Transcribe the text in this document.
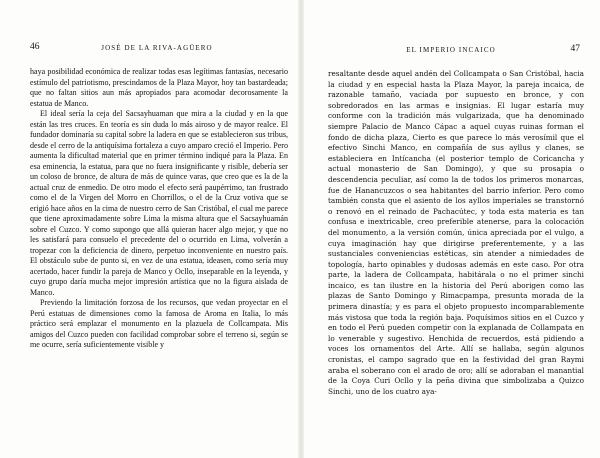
46	JOSÉ DE LA RIVA-AGÜERO

haya posibilidad económica de realizar todas esas legítimas fantasías, necesario estímulo del patriotismo, prescindamos de la Plaza Mayor, hoy tan bastardeada; que no faltan sitios aun más apropiados para acomodar decorosamente la estatua de Manco.

El ideal sería la ceja del Sacsayhuaman que mira a la ciudad y en la que están las tres cruces. En teoría es sin duda lo más airoso y de mayor realce. El fundador dominaría su capital sobre la ladera en que se establecieron sus tribus, desde el cerro de la antiquísima fortaleza a cuyo amparo creció el Imperio. Pero aumenta la dificultad material que en primer término indiqué para la Plaza. En esa eminencia, la estatua, para que no fuera insignificante y risible, debería ser un coloso de bronce, de altura de más de quince varas, que creo que es la de la actual cruz de enmedio. De otro modo el efecto será paupérrimo, tan frustrado como el de la Virgen del Morro en Chorrillos, o el de la Cruz votiva que se erigió hace años en la cima de nuestro cerro de San Cristóbal, el cual me parece que tiene aproximadamente sobre Lima la misma altura que el Sacsayhuamán sobre el Cuzco. Y como supongo que allá quieran hacer algo mejor, y que no les satisfará para consuelo el precedente del o ocurrido en Lima, volverán a tropezar con la deficiencia de dinero, perpetuo inconveniente en nuestro país. El obstáculo sube de punto si, en vez de una estatua, ideasen, como sería muy acertado, hacer fundir la pareja de Manco y Ocllo, inseparable en la leyenda, y cuyo grupo daría mucha mejor impresión artística que no la figura aislada de Manco.

Previendo la limitación forzosa de los recursos, que vedan proyectar en el Perú estatuas de dimensiones como la famosa de Aroma en Italia, lo más práctico será emplazar el monumento en la plazuela de Collcampata. Mis amigos del Cuzco pueden con facilidad comprobar sobre el terreno si, según se me ocurre, sería suficientemente visible y

EL IMPERIO INCAICO	47

resaltante desde aquel andén del Collcampata o San Cristóbal, hacia la ciudad y en especial hasta la Plaza Mayor, la pareja incaica, de razonable tamaño, vaciada por supuesto en bronce, y con sobredorados en las armas e insignias. El lugar estaría muy conforme con la tradición más vulgarizada, que ha denominado siempre Palacio de Manco Cápac a aquel cuyas ruinas forman el fondo de dicha plaza, Cierto es que parece lo más verosímil que el efectivo Sinchi Manco, en compañía de sus ayllus y clanes, se estableciera en Intícancha (el posterior templo de Coricancha y actual monasterio de San Domingo), y que su prosapia o descendencia peculiar, así como la de todos los primeros monarcas, fue de Hanancuzcos o sea habitantes del barrio inferior. Pero como también consta que el asiento de los ayllos imperiales se transtornó o renovó en el reinado de Pachacútec, y toda esta materia es tan confusa e inextricable, creo preferible atenerse, para la colocación del monumento, a la versión común, única apreciada por el vulgo, a cuya imaginación hay que dirigirse preferentemente, y a las sustanciales conveniencias estéticas, sin atender a nimiedades de topología, harto opinables y dudosas además en este caso. Por otra parte, la ladera de Collcampata, habitárala o no el primer sinchi incaico, es tan ilustre en la historia del Perú aborigen como las plazas de Santo Domingo y Rimacpampa, presunta morada de la primera dinastía; y es para el objeto propuesto incomparablemente más vistosa que toda la región baja. Poquísimos sitios en el Cuzco y en todo el Perú pueden competir con la explanada de Collampata en lo venerable y sugestivo. Henchida de recuerdos, está pidiendo a voces los ornamentos del Arte. Allí se hallaba, según algunos cronistas, el campo sagrado que en la festividad del gran Raymi araba el soberano con el arado de oro; allí se adoraban el manantial de la Coya Curi Ocllo y la peña divina que simbolizaba a Quizco Sinchi, uno de los cuatro aya-
